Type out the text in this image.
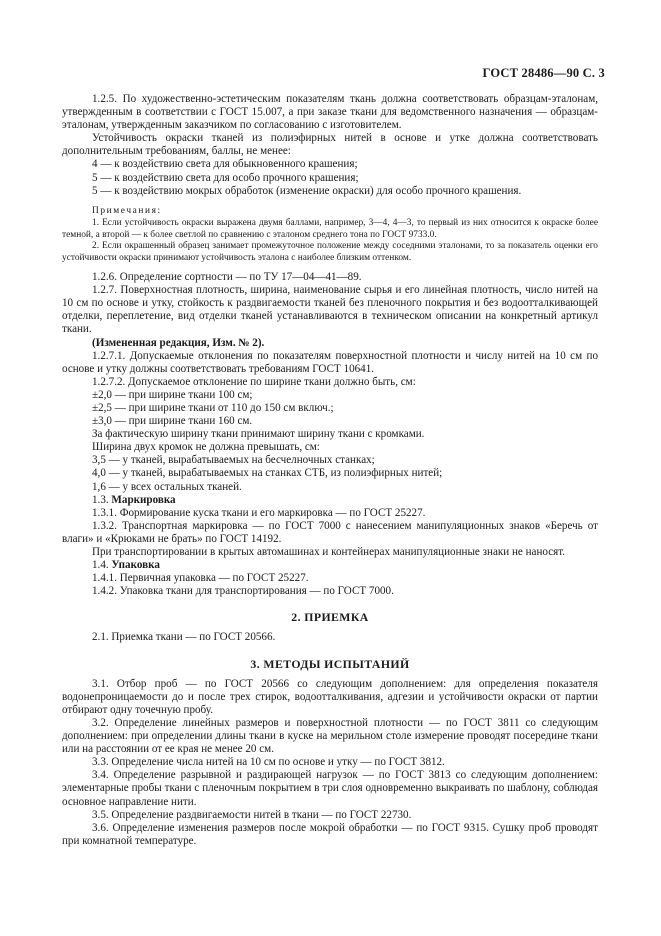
ГОСТ 28486—90 С. 3

1.2.5. По художественно-эстетическим показателям ткань должна соответствовать образцам-эталонам, утвержденным в соответствии с ГОСТ 15.007, а при заказе ткани для ведомственного назначения — образцам-эталонам, утвержденным заказчиком по согласованию с изготовителем.

Устойчивость окраски тканей из полиэфирных нитей в основе и утке должна соответствовать дополнительным требованиям, баллы, не менее:

4 — к воздействию света для обыкновенного крашения;

5 — к воздействию света для особо прочного крашения;

5 — к воздействию мокрых обработок (изменение окраски) для особо прочного крашения.

Примечания:

1. Если устойчивость окраски выражена двумя баллами, например, 3—4, 4—3, то первый из них относится к окраске более темной, а второй — к более светлой по сравнению с эталоном среднего тона по ГОСТ 9733.0.

2. Если окрашенный образец занимает промежуточное положение между соседними эталонами, то за показатель оценки его устойчивости окраски принимают устойчивость эталона с наиболее близким оттенком.

1.2.6. Определение сортности — по ТУ 17—04—41—89.

1.2.7. Поверхностная плотность, ширина, наименование сырья и его линейная плотность, число нитей на 10 см по основе и утку, стойкость к раздвигаемости тканей без пленочного покрытия и без водоотталкивающей отделки, переплетение, вид отделки тканей устанавливаются в техническом описании на конкретный артикул ткани.

(Измененная редакция, Изм. № 2).

1.2.7.1. Допускаемые отклонения по показателям поверхностной плотности и числу нитей на 10 см по основе и утку должны соответствовать требованиям ГОСТ 10641.

1.2.7.2. Допускаемое отклонение по ширине ткани должно быть, см:

±2,0 — при ширине ткани 100 см;

±2,5 — при ширине ткани от 110 до 150 см включ.;

±3,0 — при ширине ткани 160 см.

За фактическую ширину ткани принимают ширину ткани с кромками.

Ширина двух кромок не должна превышать, см:

3,5 — у тканей, вырабатываемых на бесчелночных станках;

4,0 — у тканей, вырабатываемых на станках СТБ, из полиэфирных нитей;

1,6 — у всех остальных тканей.

1.3. Маркировка

1.3.1. Формирование куска ткани и его маркировка — по ГОСТ 25227.

1.3.2. Транспортная маркировка — по ГОСТ 7000 с нанесением манипуляционных знаков «Беречь от влаги» и «Крюками не брать» по ГОСТ 14192.

При транспортировании в крытых автомашинах и контейнерах манипуляционные знаки не наносят.

1.4. Упаковка

1.4.1. Первичная упаковка — по ГОСТ 25227.

1.4.2. Упаковка ткани для транспортирования — по ГОСТ 7000.

2. ПРИЕМКА

2.1. Приемка ткани — по ГОСТ 20566.

3. МЕТОДЫ ИСПЫТАНИЙ

3.1. Отбор проб — по ГОСТ 20566 со следующим дополнением: для определения показателя водонепроницаемости до и после трех стирок, водоотталкивания, адгезии и устойчивости окраски от партии отбирают одну точечную пробу.

3.2. Определение линейных размеров и поверхностной плотности — по ГОСТ 3811 со следующим дополнением: при определении длины ткани в куске на мерильном столе измерение проводят посередине ткани или на расстоянии от ее края не менее 20 см.

3.3. Определение числа нитей на 10 см по основе и утку — по ГОСТ 3812.

3.4. Определение разрывной и раздирающей нагрузок — по ГОСТ 3813 со следующим дополнением: элементарные пробы ткани с пленочным покрытием в три слоя одновременно выкраивать по шаблону, соблюдая основное направление нити.

3.5. Определение раздвигаемости нитей в ткани — по ГОСТ 22730.

3.6. Определение изменения размеров после мокрой обработки — по ГОСТ 9315. Сушку проб проводят при комнатной температуре.
